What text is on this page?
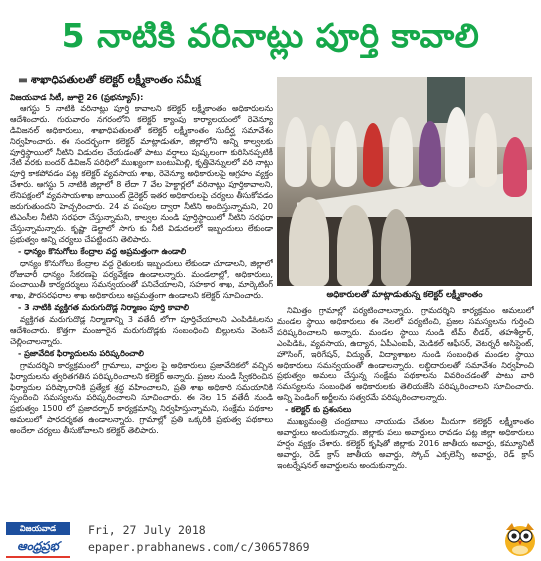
5 నాటికి వరినాట్లు పూర్తి కావాలి
▬ శాఖాధిపతులతో కలెక్టర్ లక్ష్మీకాంతం సమీక్ష

విజయవాడ సిటీ, జూలై 26 (ప్రభన్యూస్):

ఆగస్టు 5 నాటికి వరినాట్లు పూర్తి కావాలని కలెక్టర్ లక్ష్మీకాంతం అధికారులను ఆదేశించారు. గురువారం నగరంలోని కలెక్టర్ క్యాంపు కార్యాలయంలో రెవెన్యూ డివిజనల్ అధికారులు, శాఖాధిపతులతో కలెక్టర్ లక్ష్మీకాంతం సుదీర్ఘ సమావేశం నిర్వహించారు. ఈ సందర్భంగా కలెక్టర్ మాట్లాడుతూ, జిల్లాలోని అన్ని కాల్వలకు పూర్తిస్థాయిలో నీటిని విడుదల చేయడంతో పాటు వర్షాలు పుష్కలంగా కురిసినప్పటికీ నేటి వరకు బందర్ డివిజన్ పరిధిలో ముఖ్యంగా బంటుమిల్లి, కృత్తివెన్నులలో వరి నాట్లు పూర్తి కాకపోవడం పట్ల కలెక్టర్ వ్యవసాయ శాఖ, రెవెన్యూ అధికారులపై ఆగ్రహం వ్యక్తం చేశారు. ఆగస్టు 5 నాటికి జిల్లాలో 8 లేదా 7 వేల హెక్టార్లలో వరినాట్లు పూర్తికావాలని, లేనిపక్షంలో వ్యవసాయశాఖ జాయింట్ డైరెక్టర్ ఇతర అధికారులపై చర్యలు తీసుకోవడం జరుగుతుందని హెచ్చరించారు. 24 వ పంపుల ద్వారా నీటిని అందిస్తున్నామని, 20 టిఎంసీల నీటిని సరఫరా చేస్తున్నామని, కాల్వల నుండి పూర్తిస్థాయిలో నీటిని సరఫరా చేస్తున్నామన్నారు. కృష్ణా డెల్టాలో సాగు కు నీటి విడుదలలో ఇబ్బందులు లేకుండా ప్రభుత్వం అన్ని చర్యలు చేపట్టిందని తెలిపారు.

- ధాన్యం కొనుగోలు కేంద్రాల వద్ద అప్రమత్తంగా ఉండాలి

ధాన్యం కొనుగోలు కేంద్రాల వద్ద రైతులకు ఇబ్బందులు లేకుండా చూడాలని, జిల్లాలో రోజువారీ ధాన్యం సేకరణపై పర్యవేక్షణ ఉండాలన్నారు. మండలాల్లో, అధికారులు, పంచాయితీ కార్యదర్శులు సమన్వయంతో పనిచేయాలని, సహకార శాఖ, మార్కెటింగ్ శాఖ, పౌరసరఫరాల శాఖ అధికారులు అప్రమత్తంగా ఉండాలని కలెక్టర్ సూచించారు.

- 3 నాటికి వ్యక్తిగత మరుగుదొడ్ల నిర్మాణం పూర్తి కావాలి

వ్యక్తిగత మరుగుదొడ్ల నిర్మాణాన్ని 3 వతేదీ లోగా పూర్తిచేయాలని ఎంపిడిఓలను ఆదేశించారు. కొత్తగా మంజూరైన మరుగుదొడ్లకు సంబంధించి బిల్లులను వెంటనే చెల్లించాలన్నారు.

- ప్రజావేదిక ఫిర్యాదులను పరిష్కరించాలి

గ్రామదర్శిని కార్యక్రమంలో గ్రామాలు, వార్డుల పై అధికారులు ప్రజావేదికలో వచ్చిన ఫిర్యాదులను త్వరితగతిన పరిష్కరించాలని కలెక్టర్ అన్నారు. ప్రజల నుండి స్వీకరించిన ఫిర్యాదుల పరిష్కారానికి ప్రత్యేక శ్రద్ధ వహించాలని, ప్రతి శాఖ అధికారి సమయానికి స్పందించి సమస్యలను పరిష్కరించాలని సూచించారు. ఈ నెల 15 వతేదీ నుండి ప్రభుత్వం 1500 లో ప్రజాదర్బార్ కార్యక్రమాన్ని నిర్వహిస్తున్నామని, సంక్షేమ పథకాల అమలులో పారదర్శకత ఉండాలన్నారు. గ్రామాల్లో ప్రతి ఒక్కరికి ప్రభుత్వ పథకాలు అందేలా చర్యలు తీసుకోవాలని కలెక్టర్ తెలిపారు.

అధికారులతో మాట్లాడుతున్న కలెక్టర్ లక్ష్మీకాంతం

నిమిత్తం గ్రామాల్లో పర్యటించాలన్నారు. గ్రామదర్శిని కార్యక్రమం అమలులో మండల స్థాయి అధికారులు ఈ నెలలో పర్యటించి, ప్రజల సమస్యలను గుర్తించి పరిష్కరించాలని అన్నారు. మండల స్థాయి నుండి టీమ్ లీడర్, తహశీల్దార్, ఎంపిడిఓ, వ్యవసాయ, ఉద్యాన, ఏపీఎంఐపీ, మెడికల్ ఆఫీసర్, వెటర్నరీ అసిస్టెంట్, హౌసింగ్, ఇరిగేషన్, విద్యుత్, విద్యాశాఖల నుండి సంబంధిత మండల స్థాయి అధికారులు సమన్వయంతో ఉండాలన్నారు. లబ్ధిదారులతో సమావేశం నిర్వహించి ప్రభుత్వం అమలు చేస్తున్న సంక్షేమ పథకాలను వివరించడంతో పాటు వారి సమస్యలను సంబంధిత అధికారులకు తెలియజేసి పరిష్కరించాలని సూచించారు. అన్ని పెండింగ్ అర్జీలను సత్వరమే పరిష్కరించాలన్నారు.

- కలెక్టర్ కు ప్రశంసలు

ముఖ్యమంత్రి చంద్రబాబు నాయుడు చేతుల మీదుగా కలెక్టర్ లక్ష్మీకాంతం అవార్డులు అందుకున్నారు. జిల్లాకు పలు అవార్డులు రావడం పట్ల జిల్లా అధికారులు హర్షం వ్యక్తం చేశారు. కలెక్టర్ కృషితో జిల్లాకు 2016 జాతీయ అవార్డు, కమ్యూనిటీ అవార్డు, రెడ్ క్రాస్ జాతీయ అవార్డు, స్కోచ్ ఎక్సలెన్సీ అవార్డు, రెడ్ క్రాస్ ఇంటర్నేషనల్ అవార్డులను అందుకున్నారు.

విజయవాడ
ఆంధ్రప్రభ
Fri, 27 July 2018
epaper.prabhanews.com/c/30657869
